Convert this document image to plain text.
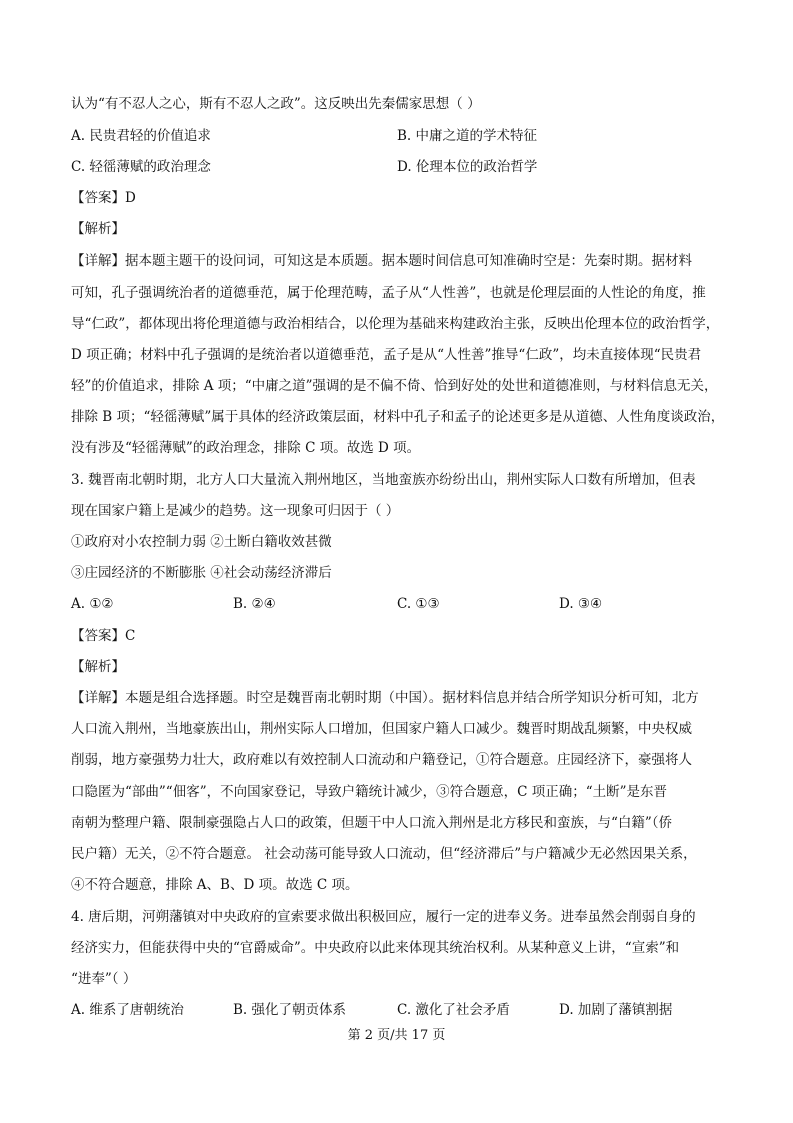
认为“有不忍人之心，斯有不忍人之政”。这反映出先秦儒家思想（ ）
A. 民贵君轻的价值追求	B. 中庸之道的学术特征
C. 轻徭薄赋的政治理念	D. 伦理本位的政治哲学
【答案】D
【解析】
【详解】据本题主题干的设问词，可知这是本质题。据本题时间信息可知准确时空是：先秦时期。据材料
可知，孔子强调统治者的道德垂范，属于伦理范畴，孟子从“人性善”，也就是伦理层面的人性论的角度，推
导“仁政”，都体现出将伦理道德与政治相结合，以伦理为基础来构建政治主张，反映出伦理本位的政治哲学，
D 项正确；材料中孔子强调的是统治者以道德垂范，孟子是从“人性善”推导“仁政”，均未直接体现“民贵君
轻”的价值追求，排除 A 项；“中庸之道”强调的是不偏不倚、恰到好处的处世和道德准则，与材料信息无关，
排除 B 项；“轻徭薄赋”属于具体的经济政策层面，材料中孔子和孟子的论述更多是从道德、人性角度谈政治，
没有涉及“轻徭薄赋”的政治理念，排除 C 项。故选 D 项。
3. 魏晋南北朝时期，北方人口大量流入荆州地区，当地蛮族亦纷纷出山，荆州实际人口数有所增加，但表
现在国家户籍上是减少的趋势。这一现象可归因于（ ）
①政府对小农控制力弱 ②土断白籍收效甚微
③庄园经济的不断膨胀 ④社会动荡经济滞后
A. ①②	B. ②④	C. ①③	D. ③④
【答案】C
【解析】
【详解】本题是组合选择题。时空是魏晋南北朝时期（中国）。据材料信息并结合所学知识分析可知，北方
人口流入荆州，当地豪族出山，荆州实际人口增加，但国家户籍人口减少。魏晋时期战乱频繁，中央权威
削弱，地方豪强势力壮大，政府难以有效控制人口流动和户籍登记，①符合题意。庄园经济下，豪强将人
口隐匿为“部曲”“佃客”，不向国家登记，导致户籍统计减少，③符合题意，C 项正确；“土断”是东晋
南朝为整理户籍、限制豪强隐占人口的政策，但题干中人口流入荆州是北方移民和蛮族，与“白籍”（侨
民户籍）无关，②不符合题意。 社会动荡可能导致人口流动，但“经济滞后”与户籍减少无必然因果关系，
④不符合题意，排除 A、B、D 项。故选 C 项。
4. 唐后期，河朔藩镇对中央政府的宣索要求做出积极回应，履行一定的进奉义务。进奉虽然会削弱自身的
经济实力，但能获得中央的“官爵威命”。中央政府以此来体现其统治权利。从某种意义上讲，“宣索”和
“进奉”（ ）
A. 维系了唐朝统治	B. 强化了朝贡体系	C. 激化了社会矛盾	D. 加剧了藩镇割据
第 2 页/共 17 页
